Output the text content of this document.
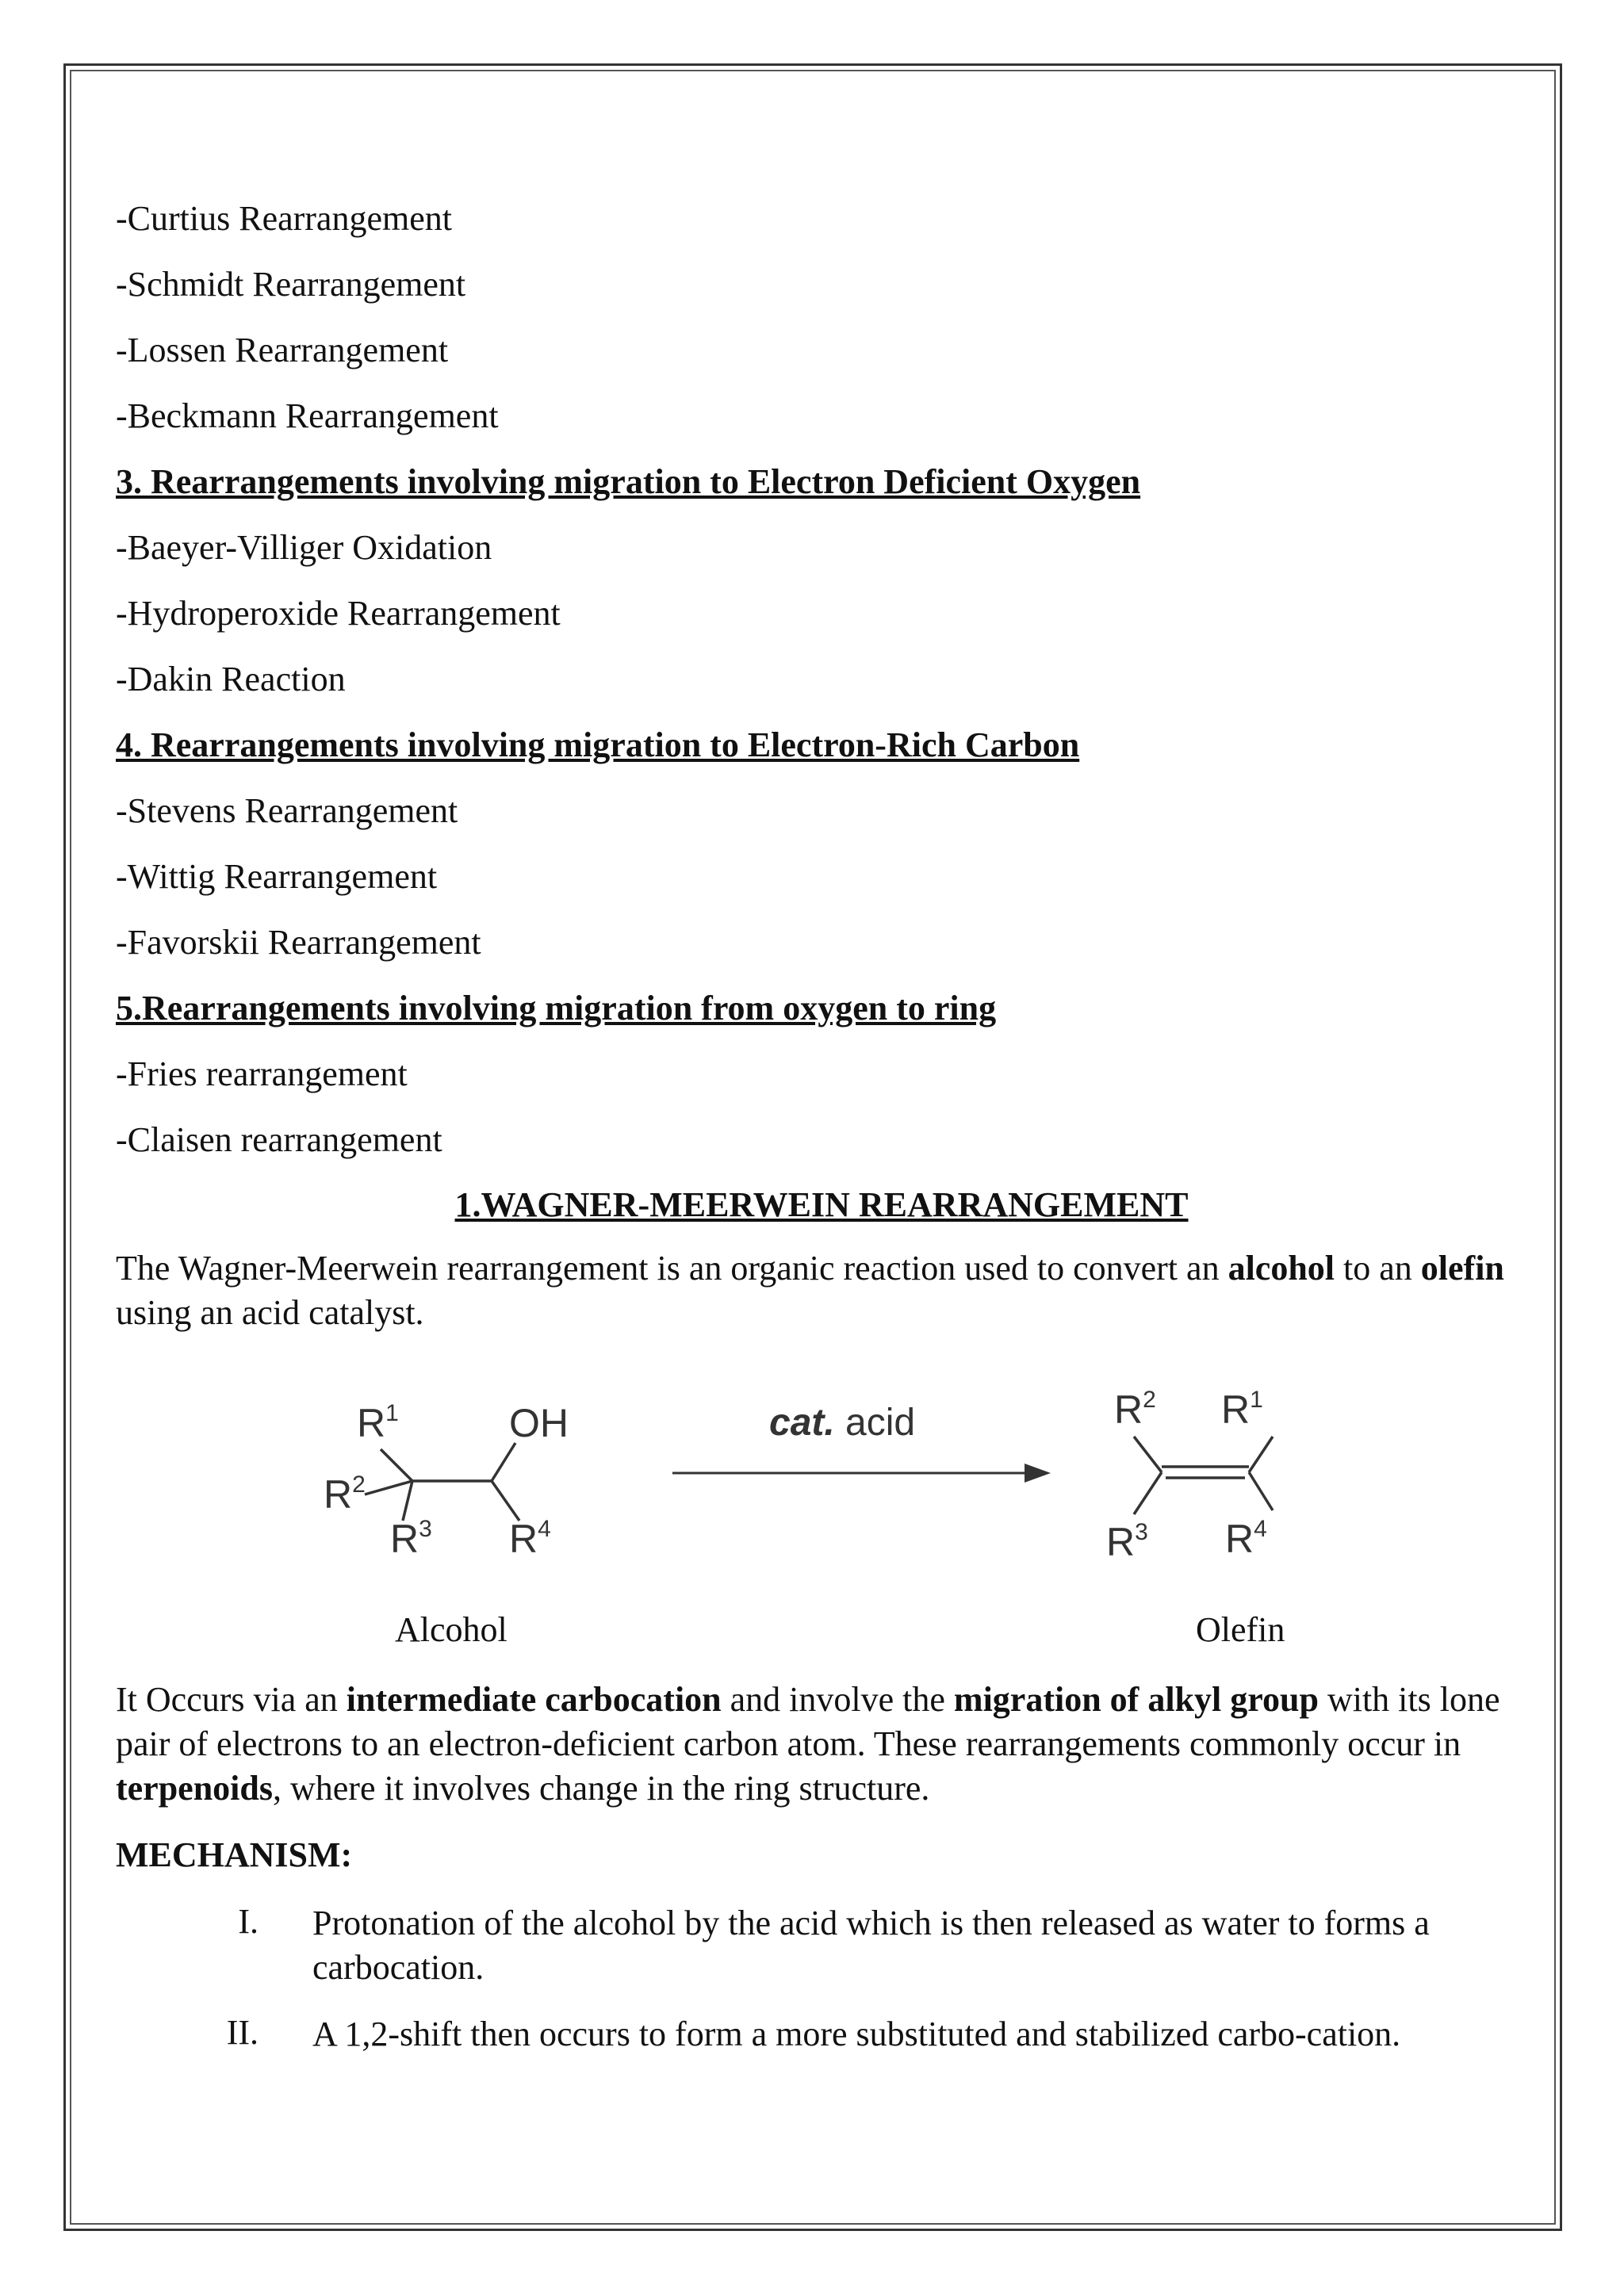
-Curtius Rearrangement
-Schmidt Rearrangement
-Lossen Rearrangement
-Beckmann Rearrangement
3. Rearrangements involving migration to Electron Deficient Oxygen
-Baeyer-Villiger Oxidation
-Hydroperoxide Rearrangement
-Dakin Reaction
4. Rearrangements involving migration to Electron-Rich Carbon
-Stevens Rearrangement
-Wittig Rearrangement
-Favorskii Rearrangement
5.Rearrangements involving migration from oxygen to ring
-Fries rearrangement
-Claisen rearrangement
1.WAGNER-MEERWEIN REARRANGEMENT
The Wagner-Meerwein rearrangement is an organic reaction used to convert an alcohol to an olefin using an acid catalyst.
$R^1$	OH
$R^2$
$R^3$ $R^4$
cat. acid	$R^2$ $R^1$
$R^3$ $R^4$
Alcohol	Olefin
It Occurs via an intermediate carbocation and involve the migration of alkyl group with its lone pair of electrons to an electron-deficient carbon atom. These rearrangements commonly occur in terpenoids, where it involves change in the ring structure.
MECHANISM:
I. Protonation of the alcohol by the acid which is then released as water to forms a carbocation.
II. A 1,2-shift then occurs to form a more substituted and stabilized carbo-cation.
